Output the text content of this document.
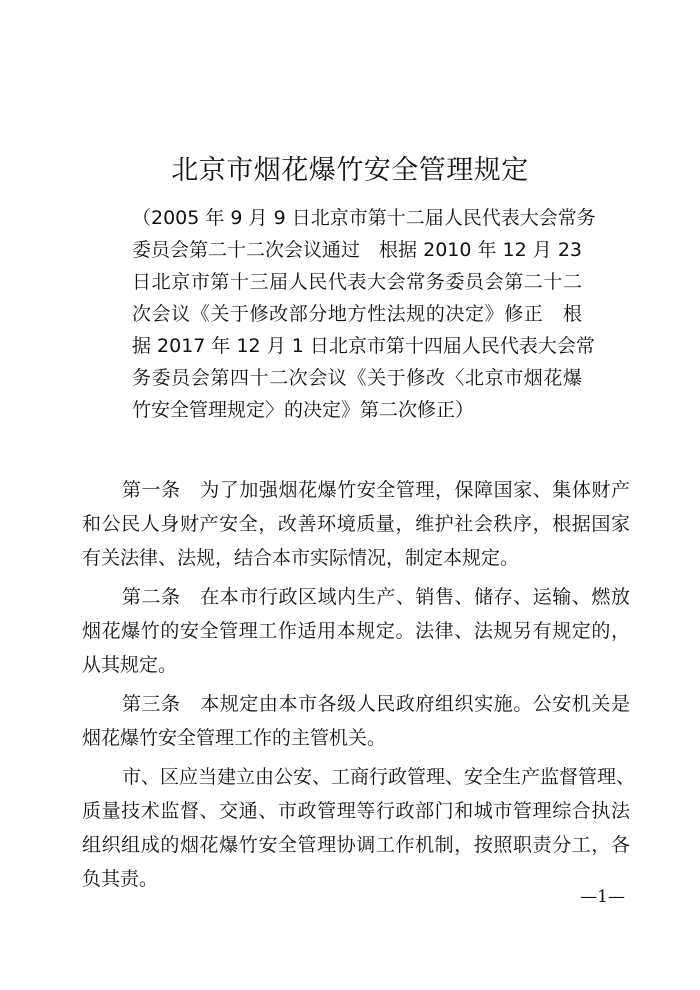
北京市烟花爆竹安全管理规定
（2005 年 9 月 9 日北京市第十二届人民代表大会常务
委员会第二十二次会议通过　根据 2010 年 12 月 23
日北京市第十三届人民代表大会常务委员会第二十二
次会议《关于修改部分地方性法规的决定》修正　根
据 2017 年 12 月 1 日北京市第十四届人民代表大会常
务委员会第四十二次会议《关于修改〈北京市烟花爆
竹安全管理规定〉的决定》第二次修正）

第一条　为了加强烟花爆竹安全管理，保障国家、集体财产
和公民人身财产安全，改善环境质量，维护社会秩序，根据国家
有关法律、法规，结合本市实际情况，制定本规定。

第二条　在本市行政区域内生产、销售、储存、运输、燃放
烟花爆竹的安全管理工作适用本规定。法律、法规另有规定的，
从其规定。

第三条　本规定由本市各级人民政府组织实施。公安机关是
烟花爆竹安全管理工作的主管机关。

市、区应当建立由公安、工商行政管理、安全生产监督管理、
质量技术监督、交通、市政管理等行政部门和城市管理综合执法
组织组成的烟花爆竹安全管理协调工作机制，按照职责分工，各
负其责。

—1—
